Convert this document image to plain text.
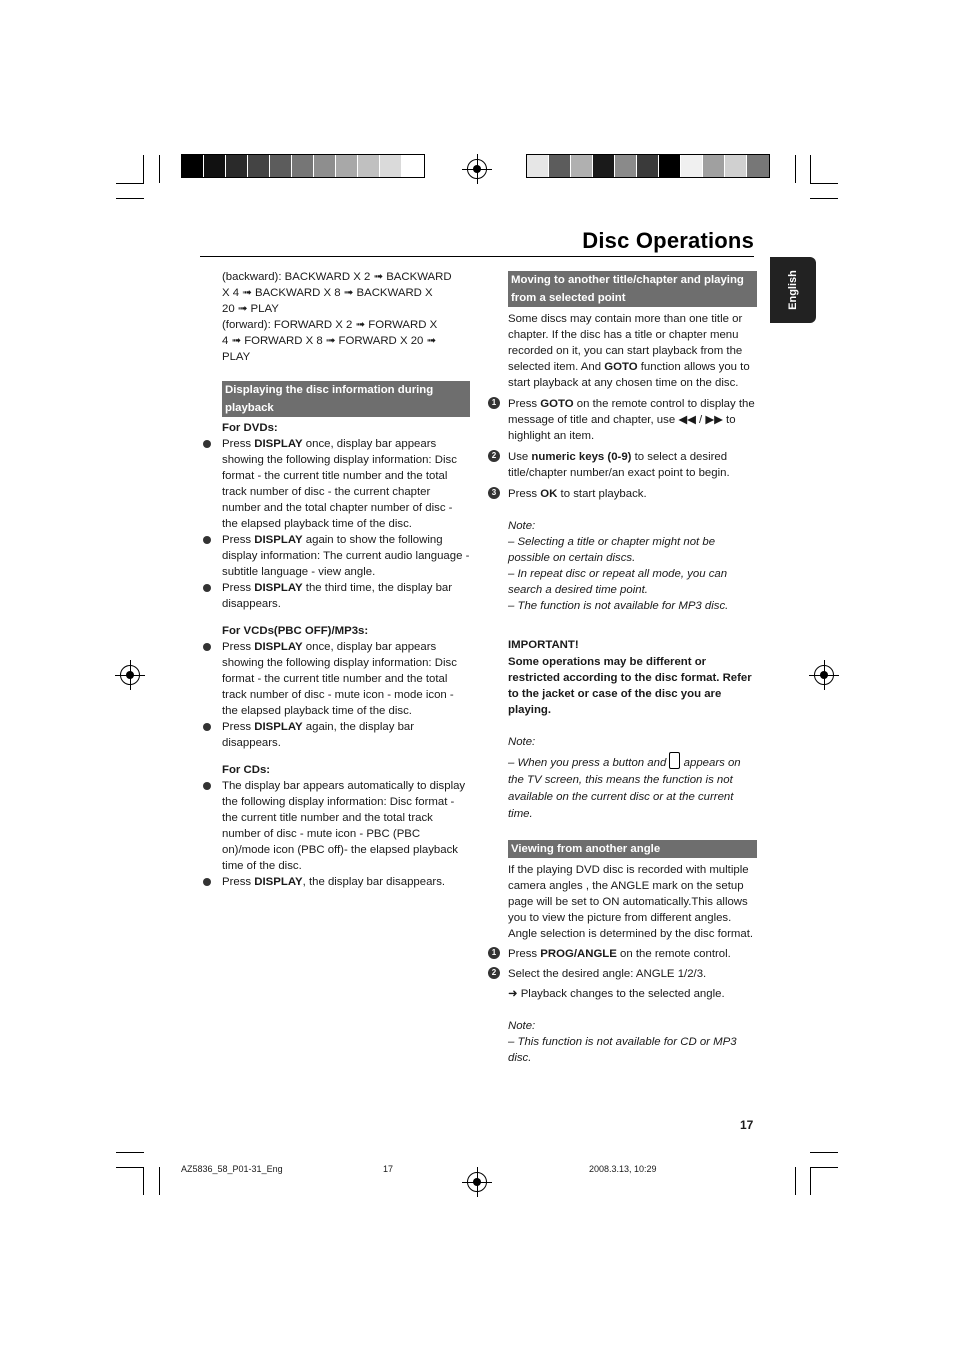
Disc Operations
English

(backward): BACKWARD X 2 ➟ BACKWARD

X 4 ➟ BACKWARD X 8 ➟ BACKWARD X

20 ➟ PLAY

(forward): FORWARD X 2 ➟ FORWARD X

4 ➟ FORWARD X 8 ➟ FORWARD X 20 ➟

PLAY

Displaying the disc information during playback

For DVDs:

Press DISPLAY once, display bar appears showing the following display information: Disc format - the current title number and the total track number of disc - the current chapter number and the total chapter number of disc - the elapsed playback time of the disc.
Press DISPLAY again to show the following display information: The current audio language - subtitle language - view angle.
Press DISPLAY the third time, the display bar disappears.

For VCDs(PBC OFF)/MP3s:

Press DISPLAY once, display bar appears showing the following display information: Disc format - the current title number and the total track number of disc - mute icon - mode icon - the elapsed playback time of the disc.
Press DISPLAY again, the display bar disappears.

For CDs:

The display bar appears automatically to display the following display information: Disc format - the current title number and the total track number of disc - mute icon - PBC (PBC on)/mode icon (PBC off)- the elapsed playback time of the disc.
Press DISPLAY, the display bar disappears.
Moving to another title/chapter and playing from a selected point

Some discs may contain more than one title or chapter. If the disc has a title or chapter menu recorded on it, you can start playback from the selected item. And GOTO function allows you to start playback at any chosen time on the disc.

1	Press GOTO on the remote control to display the message of title and chapter, use ◀◀ / ▶▶ to highlight an item.
2	Use numeric keys (0-9) to select a desired title/chapter number/an exact point to begin.
3	Press OK to start playback.

Note:

– Selecting a title or chapter might not be possible on certain discs.

– In repeat disc or repeat all mode, you can search a desired time point.

– The function is not available for MP3 disc.

IMPORTANT!

Some operations may be different or restricted according to the disc format. Refer to the jacket or case of the disc you are playing.

Note:

– When you press a button and  appears on the TV screen, this means the function is not available on the current disc or at the current time.

Viewing from another angle

If the playing DVD disc is recorded with multiple camera angles , the ANGLE mark on the setup page will be set to ON automatically.This allows you to view the picture from different angles. Angle selection is determined by the disc format.

1	Press PROG/ANGLE on the remote control.
2	Select the desired angle: ANGLE 1/2/3.

➜ Playback changes to the selected angle.

Note:

– This function is not available for CD or MP3 disc.

17
AZ5836_58_P01-31_Eng	17	2008.3.13, 10:29
